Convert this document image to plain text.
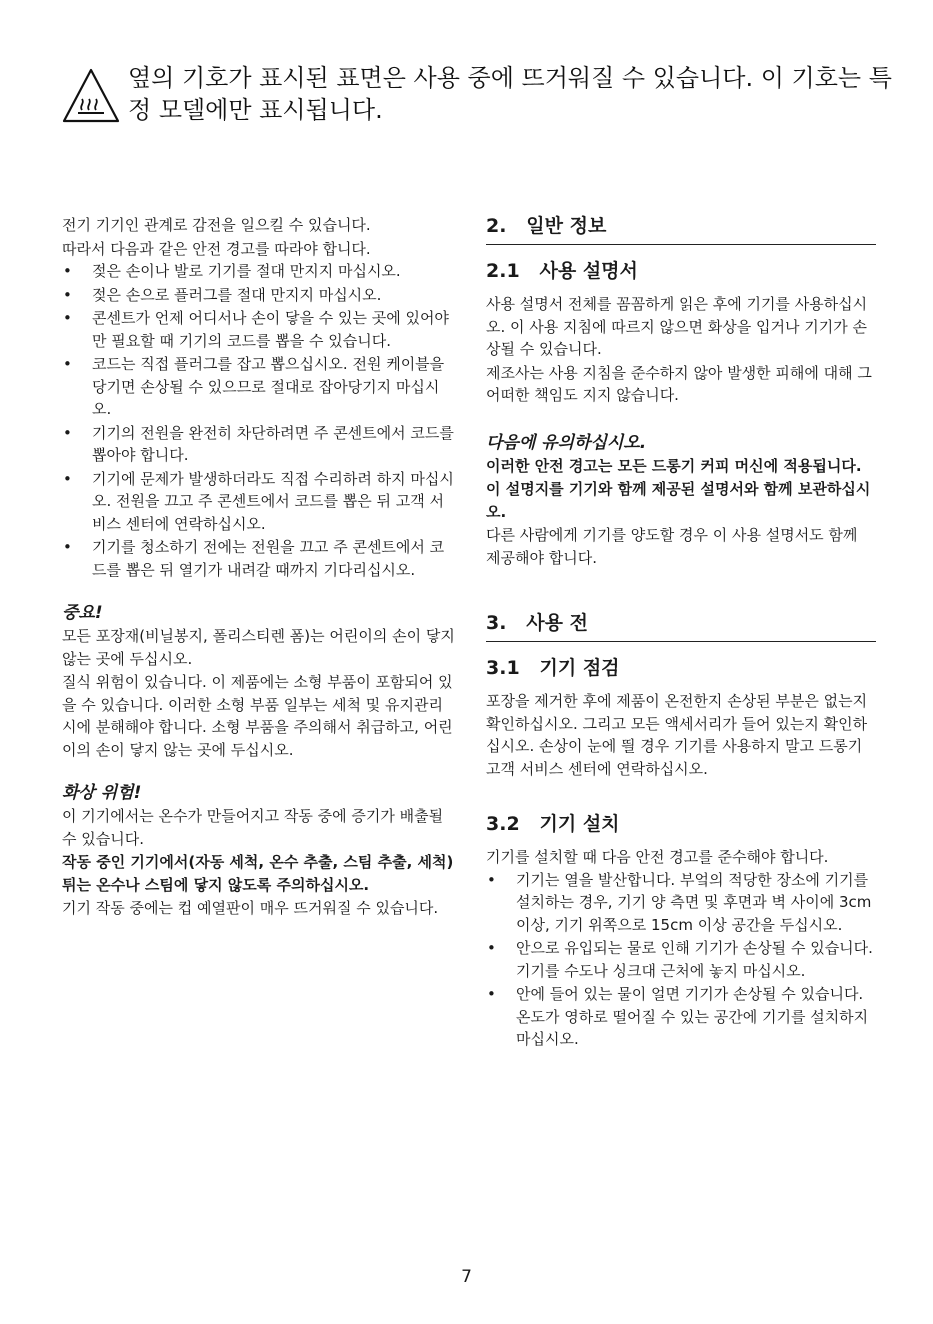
옆의 기호가 표시된 표면은 사용 중에 뜨거워질 수 있습니다. 이 기호는 특정 모델에만 표시됩니다.

전기 기기인 관계로 감전을 일으킬 수 있습니다.

따라서 다음과 같은 안전 경고를 따라야 합니다.

• 젖은 손이나 발로 기기를 절대 만지지 마십시오.
• 젖은 손으로 플러그를 절대 만지지 마십시오.
• 콘센트가 언제 어디서나 손이 닿을 수 있는 곳에 있어야만 필요할 때 기기의 코드를 뽑을 수 있습니다.
• 코드는 직접 플러그를 잡고 뽑으십시오. 전원 케이블을 당기면 손상될 수 있으므로 절대로 잡아당기지 마십시오.
• 기기의 전원을 완전히 차단하려면 주 콘센트에서 코드를 뽑아야 합니다.
• 기기에 문제가 발생하더라도 직접 수리하려 하지 마십시오. 전원을 끄고 주 콘센트에서 코드를 뽑은 뒤 고객 서비스 센터에 연락하십시오.
• 기기를 청소하기 전에는 전원을 끄고 주 콘센트에서 코드를 뽑은 뒤 열기가 내려갈 때까지 기다리십시오.

중요!

모든 포장재(비닐봉지, 폴리스티렌 폼)는 어린이의 손이 닿지 않는 곳에 두십시오.

질식 위험이 있습니다. 이 제품에는 소형 부품이 포함되어 있을 수 있습니다. 이러한 소형 부품 일부는 세척 및 유지관리 시에 분해해야 합니다. 소형 부품을 주의해서 취급하고, 어린이의 손이 닿지 않는 곳에 두십시오.

화상 위험!

이 기기에서는 온수가 만들어지고 작동 중에 증기가 배출될 수 있습니다.

작동 중인 기기에서(자동 세척, 온수 추출, 스팀 추출, 세척) 튀는 온수나 스팀에 닿지 않도록 주의하십시오.

기기 작동 중에는 컵 예열판이 매우 뜨거워질 수 있습니다.

2.   일반 정보

2.1   사용 설명서

사용 설명서 전체를 꼼꼼하게 읽은 후에 기기를 사용하십시오. 이 사용 지침에 따르지 않으면 화상을 입거나 기기가 손상될 수 있습니다.

제조사는 사용 지침을 준수하지 않아 발생한 피해에 대해 그 어떠한 책임도 지지 않습니다.

다음에 유의하십시오.

이러한 안전 경고는 모든 드롱기 커피 머신에 적용됩니다.

이 설명지를 기기와 함께 제공된 설명서와 함께 보관하십시오.

다른 사람에게 기기를 양도할 경우 이 사용 설명서도 함께 제공해야 합니다.

3.   사용 전

3.1   기기 점검

포장을 제거한 후에 제품이 온전한지 손상된 부분은 없는지 확인하십시오. 그리고 모든 액세서리가 들어 있는지 확인하십시오. 손상이 눈에 띌 경우 기기를 사용하지 말고 드롱기 고객 서비스 센터에 연락하십시오.

3.2   기기 설치

기기를 설치할 때 다음 안전 경고를 준수해야 합니다.

• 기기는 열을 발산합니다. 부엌의 적당한 장소에 기기를 설치하는 경우, 기기 양 측면 및 후면과 벽 사이에 3cm 이상, 기기 위쪽으로 15cm 이상 공간을 두십시오.
• 안으로 유입되는 물로 인해 기기가 손상될 수 있습니다. 기기를 수도나 싱크대 근처에 놓지 마십시오.
• 안에 들어 있는 물이 얼면 기기가 손상될 수 있습니다. 온도가 영하로 떨어질 수 있는 공간에 기기를 설치하지 마십시오.
7
